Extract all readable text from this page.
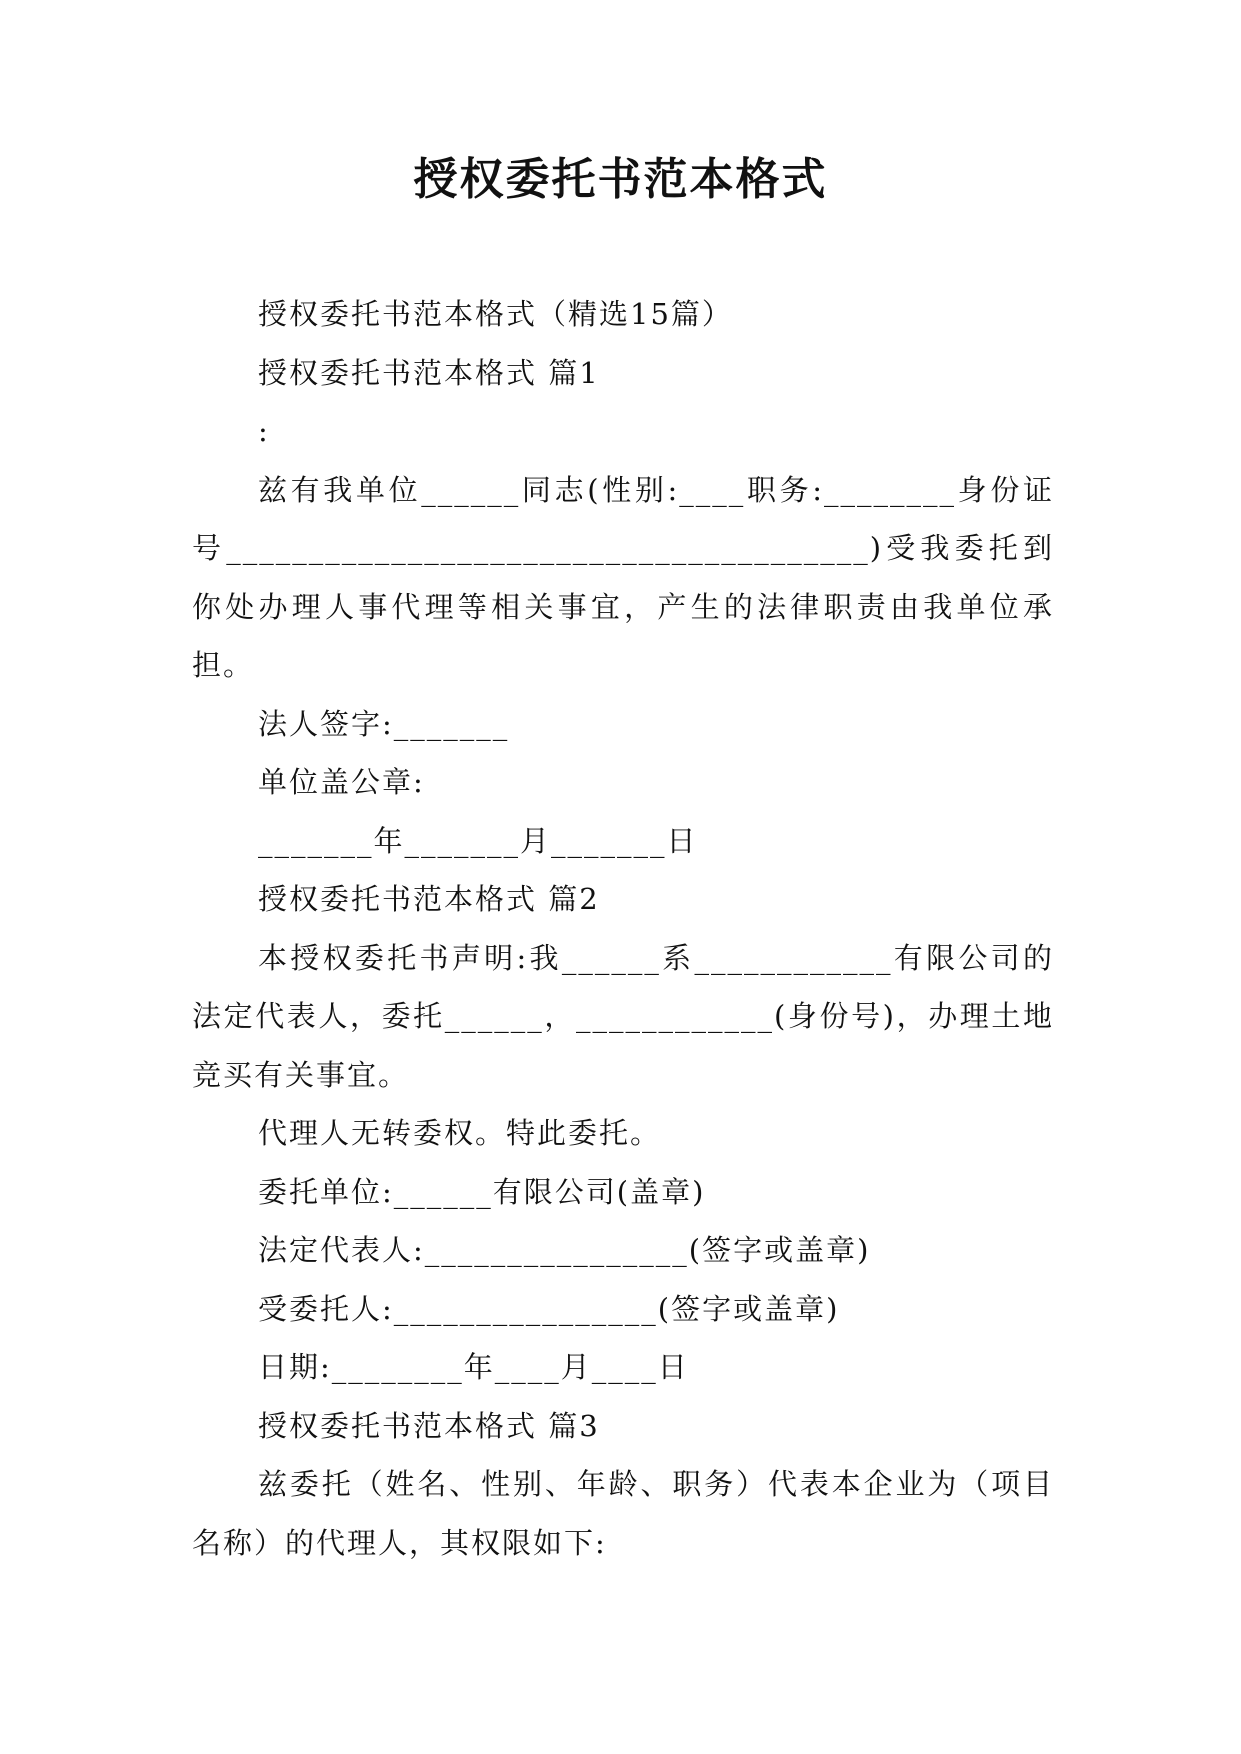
授权委托书范本格式

授权委托书范本格式（精选15篇）

授权委托书范本格式 篇1

:

兹有我单位______同志(性别:____职务:________身份证号_______________________________________)受我委托到你处办理人事代理等相关事宜，产生的法律职责由我单位承担。

法人签字:_______

单位盖公章:

_______年_______月_______日

授权委托书范本格式 篇2

本授权委托书声明:我______系____________有限公司的法定代表人，委托______，____________(身份号)，办理土地竞买有关事宜。

代理人无转委权。特此委托。

委托单位:______有限公司(盖章)

法定代表人:________________(签字或盖章)

受委托人:________________(签字或盖章)

日期:________年____月____日

授权委托书范本格式 篇3

兹委托（姓名、性别、年龄、职务）代表本企业为（项目名称）的代理人，其权限如下:
